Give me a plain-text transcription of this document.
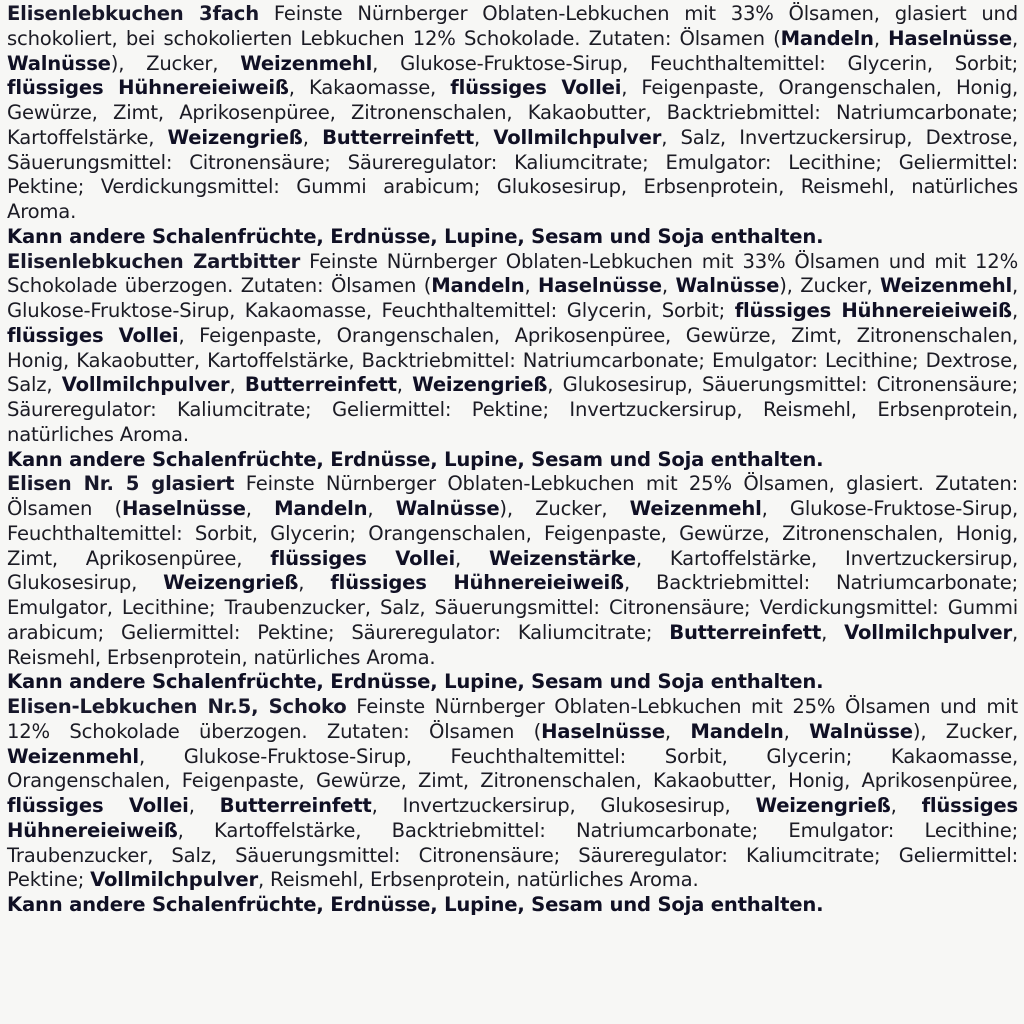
Elisenlebkuchen 3fach Feinste Nürnberger Oblaten-Lebkuchen mit 33% Ölsamen, glasiert und schokoliert, bei schokolierten Lebkuchen 12% Schokolade. Zutaten: Ölsamen (Mandeln, Haselnüsse, Walnüsse), Zucker, Weizenmehl, Glukose-Fruktose-Sirup, Feuchthaltemittel: Glycerin, Sorbit; flüssiges Hühnereieiweiß, Kakaomasse, flüssiges Vollei, Feigenpaste, Orangenschalen, Honig, Gewürze, Zimt, Aprikosenpüree, Zitronenschalen, Kakaobutter, Backtriebmittel: Natriumcarbonate; Kartoffelstärke, Weizengrieß, Butterreinfett, Vollmilchpulver, Salz, Invertzuckersirup, Dextrose, Säuerungsmittel: Citronensäure; Säureregulator: Kaliumcitrate; Emulgator: Lecithine; Geliermittel: Pektine; Verdickungsmittel: Gummi arabicum; Glukosesirup, Erbsenprotein, Reismehl, natürliches Aroma.

Kann andere Schalenfrüchte, Erdnüsse, Lupine, Sesam und Soja enthalten.

Elisenlebkuchen Zartbitter Feinste Nürnberger Oblaten-Lebkuchen mit 33% Ölsamen und mit 12% Schokolade überzogen. Zutaten: Ölsamen (Mandeln, Haselnüsse, Walnüsse), Zucker, Weizenmehl, Glukose-Fruktose-Sirup, Kakaomasse, Feuchthaltemittel: Glycerin, Sorbit; flüssiges Hühnereieiweiß, flüssiges Vollei, Feigenpaste, Orangenschalen, Aprikosenpüree, Gewürze, Zimt, Zitronenschalen, Honig, Kakaobutter, Kartoffelstärke, Backtriebmittel: Natriumcarbonate; Emulgator: Lecithine; Dextrose, Salz, Vollmilchpulver, Butterreinfett, Weizengrieß, Glukosesirup, Säuerungsmittel: Citronensäure; Säureregulator: Kaliumcitrate; Geliermittel: Pektine; Invertzuckersirup, Reismehl, Erbsenprotein, natürliches Aroma.

Kann andere Schalenfrüchte, Erdnüsse, Lupine, Sesam und Soja enthalten.

Elisen Nr. 5 glasiert Feinste Nürnberger Oblaten-Lebkuchen mit 25% Ölsamen, glasiert. Zutaten: Ölsamen (Haselnüsse, Mandeln, Walnüsse), Zucker, Weizenmehl, Glukose-Fruktose-Sirup, Feuchthaltemittel: Sorbit, Glycerin; Orangenschalen, Feigenpaste, Gewürze, Zitronenschalen, Honig, Zimt, Aprikosenpüree, flüssiges Vollei, Weizenstärke, Kartoffelstärke, Invertzuckersirup, Glukosesirup, Weizengrieß, flüssiges Hühnereieiweiß, Backtriebmittel: Natriumcarbonate; Emulgator, Lecithine; Traubenzucker, Salz, Säuerungsmittel: Citronensäure; Verdickungsmittel: Gummi arabicum; Geliermittel: Pektine; Säureregulator: Kaliumcitrate; Butterreinfett, Vollmilchpulver, Reismehl, Erbsenprotein, natürliches Aroma.

Kann andere Schalenfrüchte, Erdnüsse, Lupine, Sesam und Soja enthalten.

Elisen-Lebkuchen Nr.5, Schoko Feinste Nürnberger Oblaten-Lebkuchen mit 25% Ölsamen und mit 12% Schokolade überzogen. Zutaten: Ölsamen (Haselnüsse, Mandeln, Walnüsse), Zucker, Weizenmehl, Glukose-Fruktose-Sirup, Feuchthaltemittel: Sorbit, Glycerin; Kakaomasse, Orangenschalen, Feigenpaste, Gewürze, Zimt, Zitronenschalen, Kakaobutter, Honig, Aprikosenpüree, flüssiges Vollei, Butterreinfett, Invertzuckersirup, Glukosesirup, Weizengrieß, flüssiges Hühnereieiweiß, Kartoffelstärke, Backtriebmittel: Natriumcarbonate; Emulgator: Lecithine; Traubenzucker, Salz, Säuerungsmittel: Citronensäure; Säureregulator: Kaliumcitrate; Geliermittel: Pektine; Vollmilchpulver, Reismehl, Erbsenprotein, natürliches Aroma.

Kann andere Schalenfrüchte, Erdnüsse, Lupine, Sesam und Soja enthalten.
